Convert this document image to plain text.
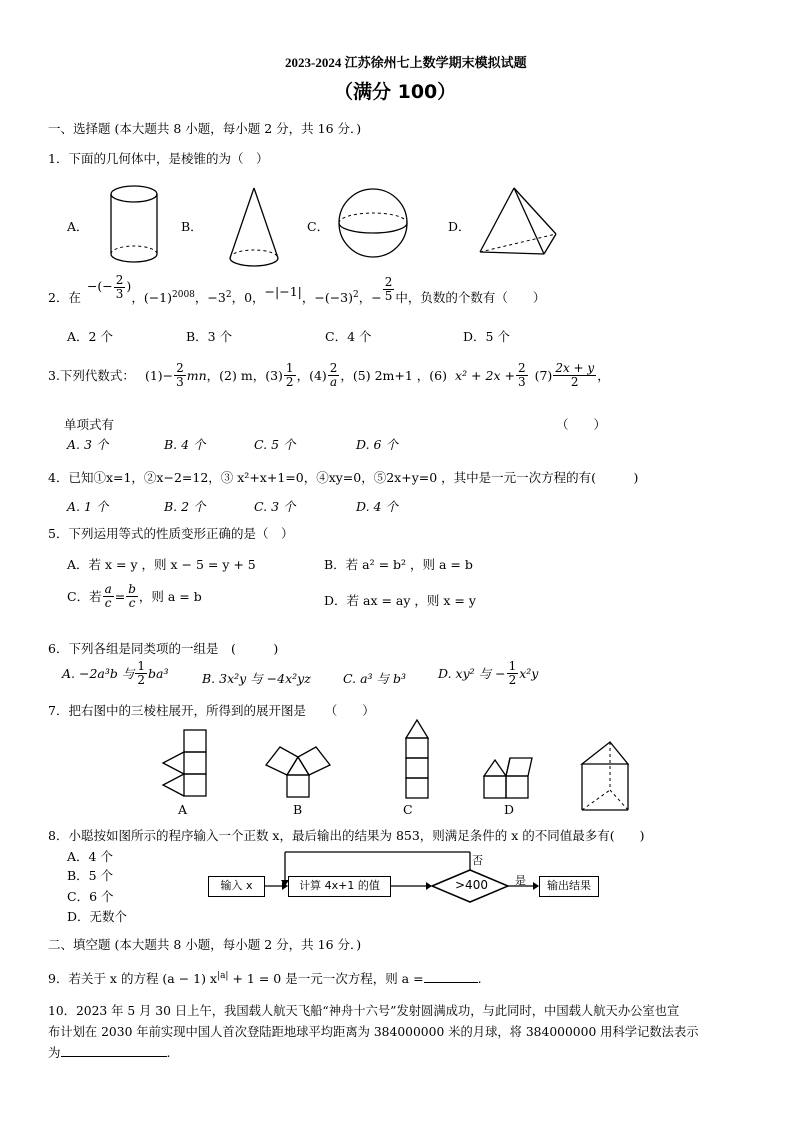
2023-2024 江苏徐州七上数学期末模拟试题
（满分 100）
一、选择题 (本大题共 8 小题，每小题 2 分，共 16 分．)
1．下面的几何体中，是棱锥的为（　）
A．	B．	C．	D．
2．在
−(− $\frac{2}{3}$ )
，$(-1)^{2008}$ ，$-3^2$ ，0， −|−1| ，$-(-3)^2$ ，− $\frac{2}{5}$ 中，负数的个数有（　　）
A．2 个	B．3 个	C．4 个	D．5 个
3.下列代数式： $(1)- \frac{2}{3}$ mn ，(2) m，$(3) \frac{1}{2}$ ，$(4) \frac{2}{a}$ ，(5) 2m+1 ，(6) $x^2 + 2x + \frac{2}{3} (7) \frac{2x + y}{2}$ ，
单项式有	（　　）
A. 3 个	B. 4 个	C. 5 个	D. 6 个
4．已知①x=1，②x−2=12，③ x²+x+1=0，④xy=0，⑤2x+y=0 ，其中是一元一次方程的有(　　　)
A. 1 个	B. 2 个	C. 3 个	D. 4 个
5．下列运用等式的性质变形正确的是（　）
A．若 x = y ，则 x − 5 = y + 5	B．若 a² = b² ，则 a = b
C．若 $\frac{a}{c} = \frac{b}{c}$ ，则 a = b	D．若 ax = ay ，则 x = y
6．下列各组是同类项的一组是　(　　　)
A. −2a³b 与 $\frac{1}{2} ba^3$	B. 3x²y 与 −4x²yz	C. a³ 与 b³	D. xy² 与 − $\frac{1}{2} x^2y$
7．把右图中的三棱柱展开，所得到的展开图是　　（　　）
A	B	C	D
8．小聪按如图所示的程序输入一个正数 x，最后输出的结果为 853，则满足条件的 x 的不同值最多有(　　)
A．4 个
B．5 个
C．6 个
D．无数个
输入 x	计算 4x+1 的值	>400 是
否
输出结果
二、填空题 (本大题共 8 小题，每小题 2 分，共 16 分．)
9．若关于 x 的方程 (a − 1) $x^{|a|} + 1 = 0$ 是一元一次方程，则 a =	.
10．2023 年 5 月 30 日上午，我国载人航天飞船“神舟十六号”发射圆满成功，与此同时，中国载人航天办公室也宣
布计划在 2030 年前实现中国人首次登陆距地球平均距离为 384000000 米的月球，将 384000000 用科学记数法表示
为	.
